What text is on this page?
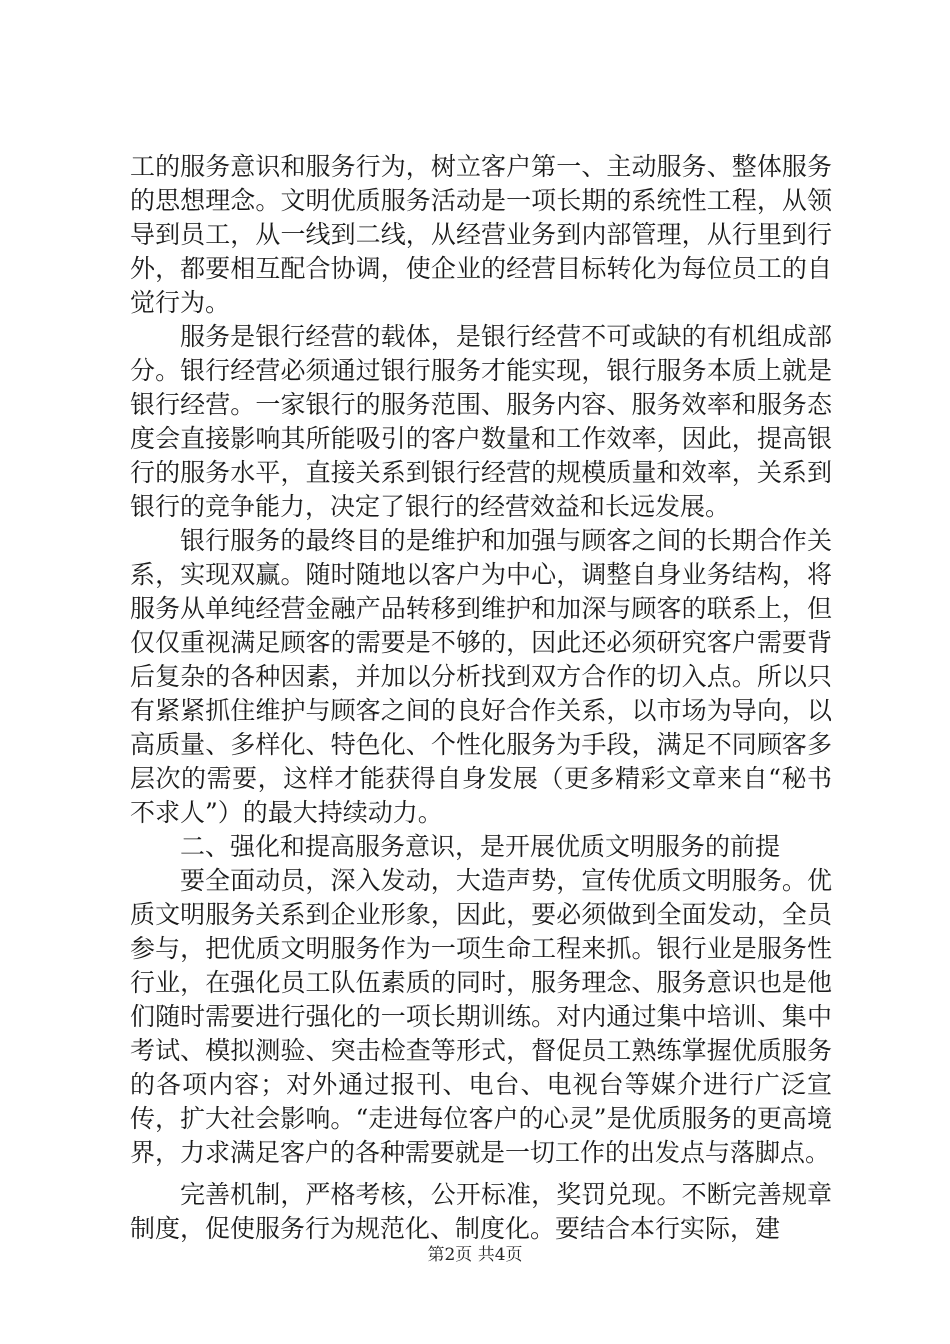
工的服务意识和服务行为，树立客户第一、主动服务、整体服务的思想理念。文明优质服务活动是一项长期的系统性工程，从领导到员工，从一线到二线，从经营业务到内部管理，从行里到行外，都要相互配合协调，使企业的经营目标转化为每位员工的自觉行为。

服务是银行经营的载体，是银行经营不可或缺的有机组成部分。银行经营必须通过银行服务才能实现，银行服务本质上就是银行经营。一家银行的服务范围、服务内容、服务效率和服务态度会直接影响其所能吸引的客户数量和工作效率，因此，提高银行的服务水平，直接关系到银行经营的规模质量和效率，关系到银行的竞争能力，决定了银行的经营效益和长远发展。

银行服务的最终目的是维护和加强与顾客之间的长期合作关系，实现双赢。随时随地以客户为中心，调整自身业务结构，将服务从单纯经营金融产品转移到维护和加深与顾客的联系上，但仅仅重视满足顾客的需要是不够的，因此还必须研究客户需要背后复杂的各种因素，并加以分析找到双方合作的切入点。所以只有紧紧抓住维护与顾客之间的良好合作关系，以市场为导向，以高质量、多样化、特色化、个性化服务为手段，满足不同顾客多层次的需要，这样才能获得自身发展（更多精彩文章来自“秘书不求人”）的最大持续动力。

二、强化和提高服务意识，是开展优质文明服务的前提

要全面动员，深入发动，大造声势，宣传优质文明服务。优质文明服务关系到企业形象，因此，要必须做到全面发动，全员参与，把优质文明服务作为一项生命工程来抓。银行业是服务性行业，在强化员工队伍素质的同时，服务理念、服务意识也是他们随时需要进行强化的一项长期训练。对内通过集中培训、集中考试、模拟测验、突击检查等形式，督促员工熟练掌握优质服务的各项内容；对外通过报刊、电台、电视台等媒介进行广泛宣传，扩大社会影响。“走进每位客户的心灵”是优质服务的更高境界，力求满足客户的各种需要就是一切工作的出发点与落脚点。

完善机制，严格考核，公开标准，奖罚兑现。不断完善规章制度，促使服务行为规范化、制度化。要结合本行实际，建

第2页 共4页
